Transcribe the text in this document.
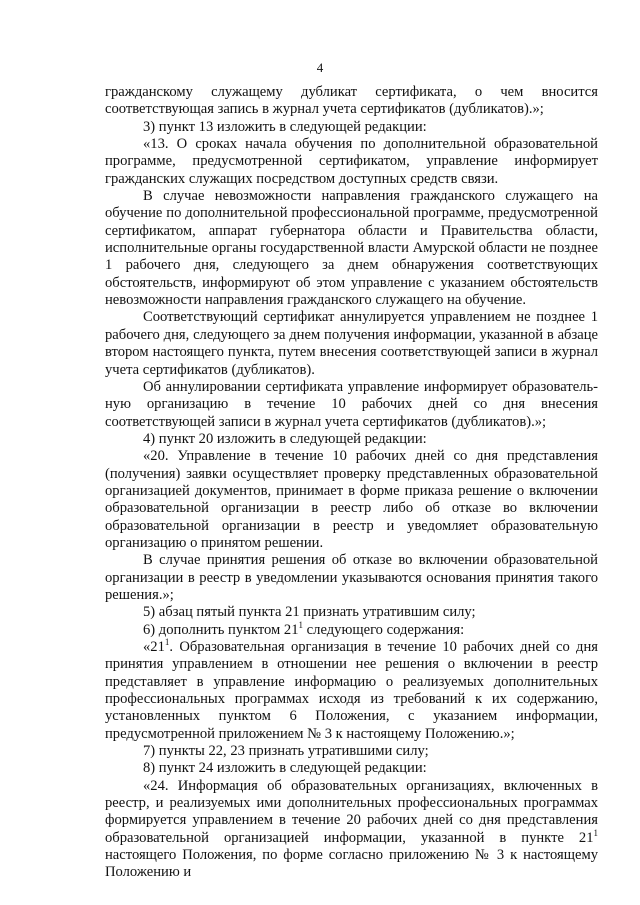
4

гражданскому служащему дубликат сертификата, о чем вносится соответствующая запись в журнал учета сертификатов (дубликатов).»;

3) пункт 13 изложить в следующей редакции:

«13. О сроках начала обучения по дополнительной образовательной программе, предусмотренной сертификатом, управление информирует гражданских служащих посредством доступных средств связи.

В случае невозможности направления гражданского служащего на обучение по дополнительной профессиональной программе, предусмотренной сертификатом, аппарат губернатора области и Правительства области, исполнительные органы государственной власти Амурской области не позднее 1 рабочего дня, следующего за днем обнаружения соответствующих обстоятельств, информируют об этом управление с указанием обстоятельств невозможности направления гражданского служащего на обучение.

Соответствующий сертификат аннулируется управлением не позднее 1 рабочего дня, следующего за днем получения информации, указанной в абзаце втором настоящего пункта, путем внесения соответствующей записи в журнал учета сертификатов (дубликатов).

Об аннулировании сертификата управление информирует образователь-ную организацию в течение 10 рабочих дней со дня внесения соответствующей записи в журнал учета сертификатов (дубликатов).»;

4) пункт 20 изложить в следующей редакции:

«20. Управление в течение 10 рабочих дней со дня представления (получения) заявки осуществляет проверку представленных образовательной организацией документов, принимает в форме приказа решение о включении образовательной организации в реестр либо об отказе во включении образовательной организации в реестр и уведомляет образовательную организацию о принятом решении.

В случае принятия решения об отказе во включении образовательной организации в реестр в уведомлении указываются основания принятия такого решения.»;

5) абзац пятый пункта 21 признать утратившим силу;

6) дополнить пунктом $21^1$ следующего содержания:

«$21^1$. Образовательная организация в течение 10 рабочих дней со дня принятия управлением в отношении нее решения о включении в реестр представляет в управление информацию о реализуемых дополнительных профессиональных программах исходя из требований к их содержанию, установленных пунктом 6 Положения, с указанием информации, предусмотренной приложением № 3 к настоящему Положению.»;

7) пункты 22, 23 признать утратившими силу;

8) пункт 24 изложить в следующей редакции:

«24. Информация об образовательных организациях, включенных в реестр, и реализуемых ими дополнительных профессиональных программах формируется управлением в течение 20 рабочих дней со дня представления образовательной организацией информации, указанной в пункте $21^1$ настоящего Положения, по форме согласно приложению № 3 к настоящему Положению и
